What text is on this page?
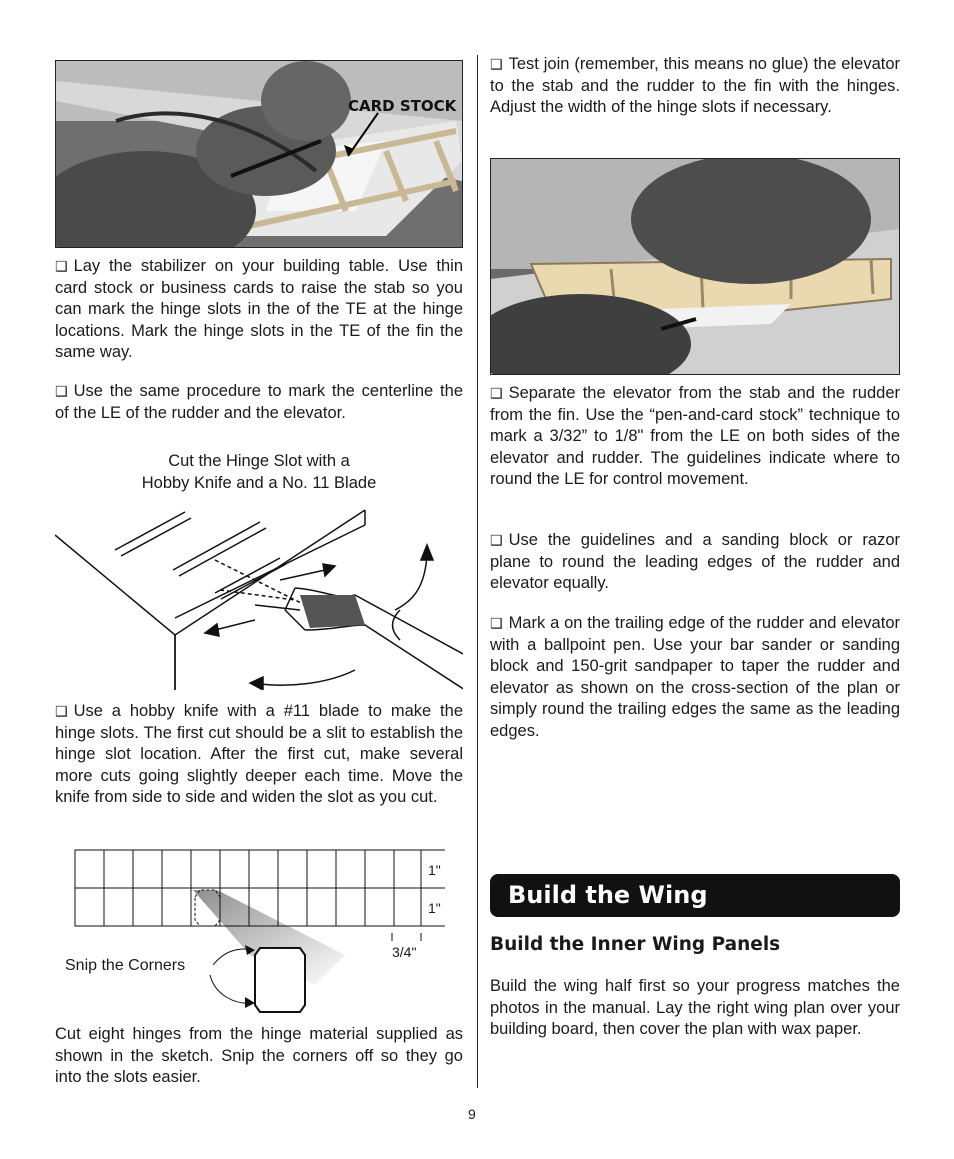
CARD STOCK

❑ Lay the stabilizer on your building table. Use thin card stock or business cards to raise the stab so you can mark the hinge slots in the of the TE at the hinge locations. Mark the hinge slots in the TE of the fin the same way.

❑ Use the same procedure to mark the centerline the of the LE of the rudder and the elevator.

Cut the Hinge Slot with a
Hobby Knife and a No. 11 Blade

❑ Use a hobby knife with a #11 blade to make the hinge slots. The first cut should be a slit to establish the hinge slot location. After the first cut, make several more cuts going slightly deeper each time. Move the knife from side to side and widen the slot as you cut.

1"
1"
3/4"
Snip the Corners

Cut eight hinges from the hinge material supplied as shown in the sketch. Snip the corners off so they go into the slots easier.

❑ Test join (remember, this means no glue) the elevator to the stab and the rudder to the fin with the hinges. Adjust the width of the hinge slots if necessary.

❑ Separate the elevator from the stab and the rudder from the fin. Use the “pen-and-card stock” technique to mark a 3/32” to 1/8" from the LE on both sides of the elevator and rudder. The guidelines indicate where to round the LE for control movement.

❑ Use the guidelines and a sanding block or razor plane to round the leading edges of the rudder and elevator equally.

❑ Mark a on the trailing edge of the rudder and elevator with a ballpoint pen. Use your bar sander or sanding block and 150-grit sandpaper to taper the rudder and elevator as shown on the cross-section of the plan or simply round the trailing edges the same as the leading edges.

Build the Wing
Build the Inner Wing Panels

Build the wing half first so your progress matches the photos in the manual. Lay the right wing plan over your building board, then cover the plan with wax paper.

9
